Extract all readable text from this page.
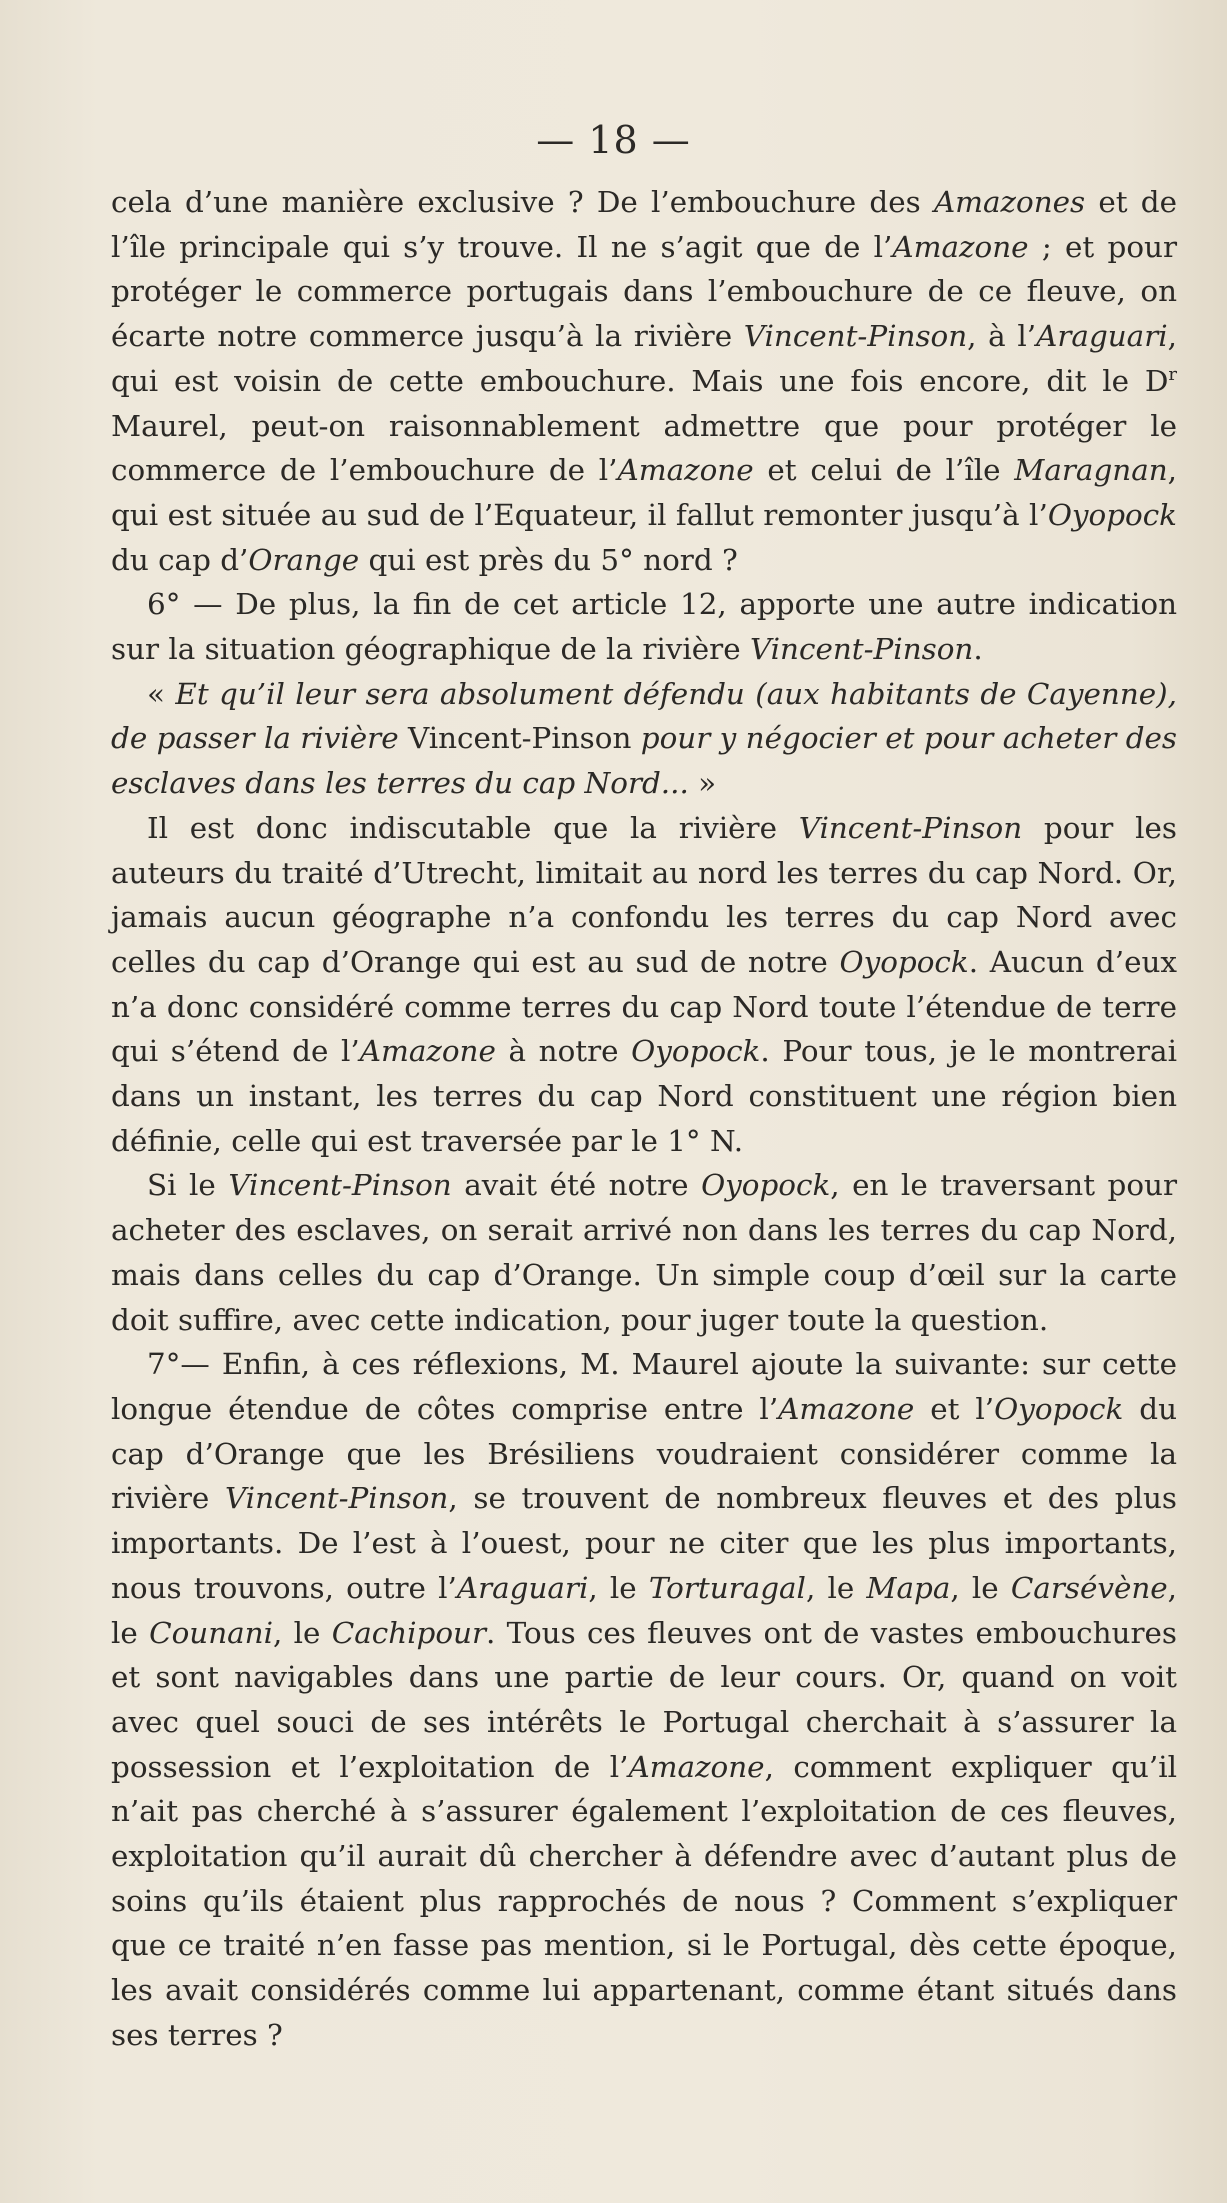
— 18 —

cela d’une manière exclusive ? De l’embouchure des Amazones et de l’île principale qui s’y trouve. Il ne s’agit que de l’Amazone ; et pour protéger le commerce portugais dans l’embouchure de ce fleuve, on écarte notre commerce jusqu’à la rivière Vincent-Pinson, à l’Araguari, qui est voisin de cette embouchure. Mais une fois encore, dit le $D^r$ Maurel, peut-on raisonnablement admettre que pour protéger le commerce de l’embouchure de l’Amazone et celui de l’île Maragnan, qui est située au sud de l’Equateur, il fallut remonter jusqu’à l’Oyopock du cap d’Orange qui est près du 5° nord ?

6° — De plus, la fin de cet article 12, apporte une autre indication sur la situation géographique de la rivière Vincent-Pinson.

« Et qu’il leur sera absolument défendu (aux habitants de Cayenne), de passer la rivière Vincent-Pinson pour y négocier et pour acheter des esclaves dans les terres du cap Nord... »

Il est donc indiscutable que la rivière Vincent-Pinson pour les auteurs du traité d’Utrecht, limitait au nord les terres du cap Nord. Or, jamais aucun géographe n’a confondu les terres du cap Nord avec celles du cap d’Orange qui est au sud de notre Oyopock. Aucun d’eux n’a donc considéré comme terres du cap Nord toute l’étendue de terre qui s’étend de l’Amazone à notre Oyopock. Pour tous, je le montrerai dans un instant, les terres du cap Nord constituent une région bien définie, celle qui est traversée par le 1° N.

Si le Vincent-Pinson avait été notre Oyopock, en le traversant pour acheter des esclaves, on serait arrivé non dans les terres du cap Nord, mais dans celles du cap d’Orange. Un simple coup d’œil sur la carte doit suffire, avec cette indication, pour juger toute la question.

7°— Enfin, à ces réflexions, M. Maurel ajoute la suivante: sur cette longue étendue de côtes comprise entre l’Amazone et l’Oyopock du cap d’Orange que les Brésiliens voudraient considérer comme la rivière Vincent-Pinson, se trouvent de nombreux fleuves et des plus importants. De l’est à l’ouest, pour ne citer que les plus importants, nous trouvons, outre l’Araguari, le Torturagal, le Mapa, le Carsévène, le Counani, le Cachipour. Tous ces fleuves ont de vastes embouchures et sont navigables dans une partie de leur cours. Or, quand on voit avec quel souci de ses intérêts le Portugal cherchait à s’assurer la possession et l’exploitation de l’Amazone, comment expliquer qu’il n’ait pas cherché à s’assurer également l’exploitation de ces fleuves, exploitation qu’il aurait dû chercher à défendre avec d’autant plus de soins qu’ils étaient plus rapprochés de nous ? Comment s’expliquer que ce traité n’en fasse pas mention, si le Portugal, dès cette époque, les avait considérés comme lui appartenant, comme étant situés dans ses terres ?
